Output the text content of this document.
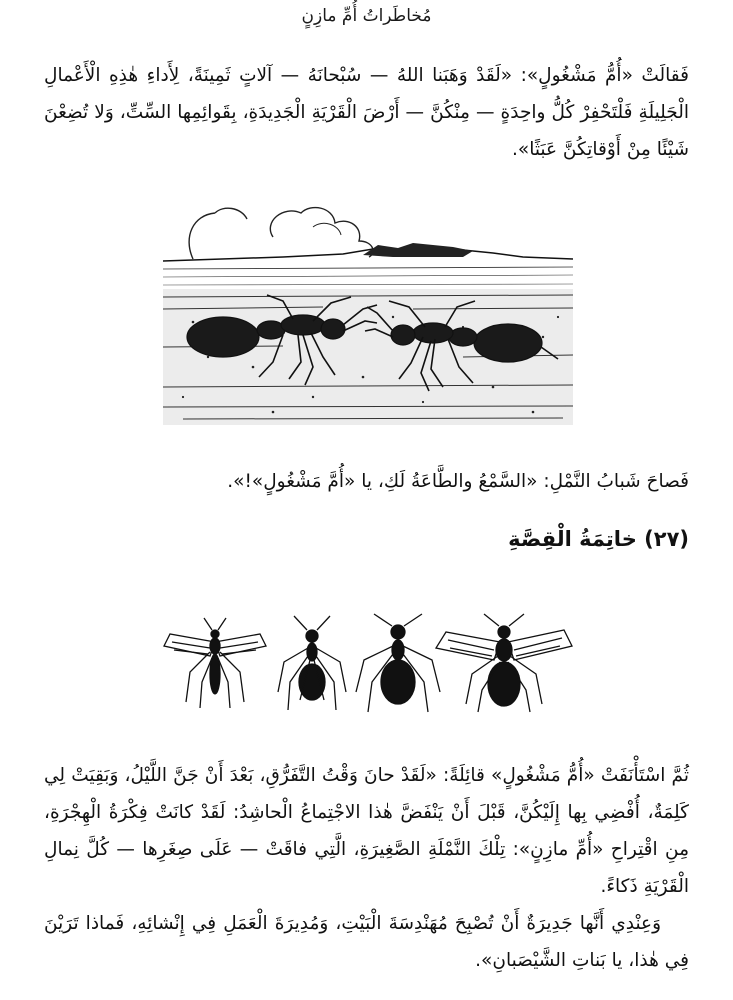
مُخاطَراتُ أُمِّ مازِنٍ

فَقالَتْ «أُمُّ مَشْغُولٍ»: «لَقَدْ وَهَبَنا اللهُ — سُبْحانَهُ — آلاتٍ ثَمِينَةً، لِأَداءِ هٰذِهِ الْأَعْمالِ الْجَلِيلَةِ فَلْتَحْفِرْ كُلُّ واحِدَةٍ — مِنْكُنَّ — أَرْضَ الْقَرْيَةِ الْجَدِيدَةِ، بِقَوائِمِها السِّتِّ، وَلا تُضِعْنَ شَيْئًا مِنْ أَوْقاتِكُنَّ عَبَثًا».

فَصاحَ شَبابُ النَّمْلِ: «السَّمْعُ والطَّاعَةُ لَكِ، يا «أُمَّ مَشْغُولٍ»!».

(٢٧) خاتِمَةُ الْقِصَّةِ

ثُمَّ اسْتَأْنَفَتْ «أُمُّ مَشْغُولٍ» قائِلَةً: «لَقَدْ حانَ وَقْتُ التَّفَرُّقِ، بَعْدَ أَنْ جَنَّ اللَّيْلُ، وَبَقِيَتْ لِي كَلِمَةٌ، أُفْضِي بِها إِلَيْكُنَّ، قَبْلَ أَنْ يَنْفَضَّ هٰذا الاجْتِماعُ الْحاشِدُ: لَقَدْ كانَتْ فِكْرَةُ الْهِجْرَةِ، مِنِ اقْتِراحِ «أُمِّ مازِنٍ»: تِلْكَ النَّمْلَةِ الصَّغِيرَةِ، الَّتِي فاقَتْ — عَلَى صِغَرِها — كُلَّ نِمالِ الْقَرْيَةِ ذَكاءً.

وَعِنْدِي أَنَّها جَدِيرَةٌ أَنْ تُصْبِحَ مُهَنْدِسَةَ الْبَيْتِ، وَمُدِيرَةَ الْعَمَلِ فِي إِنْشائِهِ، فَماذا تَرَيْنَ فِي هٰذا، يا بَناتِ الشَّيْصَبانِ».
